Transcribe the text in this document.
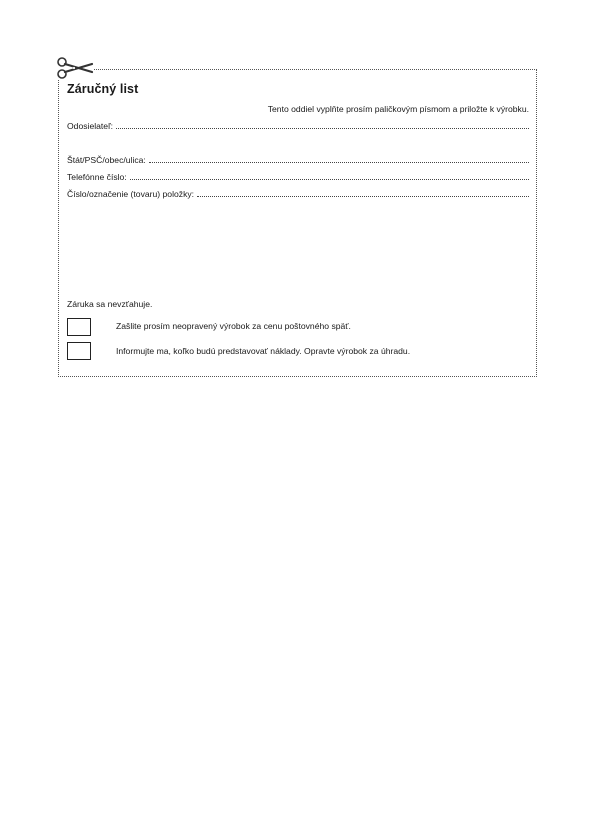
Záručný list
Tento oddiel vyplňte prosím paličkovým písmom a priložte k výrobku.
Odosielateľ:
Štát/PSČ/obec/ulica:
Telefónne číslo:
Číslo/označenie (tovaru) položky:
Záruka sa nevzťahuje.
Zašlite prosím neopravený výrobok za cenu poštovného späť.
Informujte ma, koľko budú predstavovať náklady. Opravte výrobok za úhradu.
